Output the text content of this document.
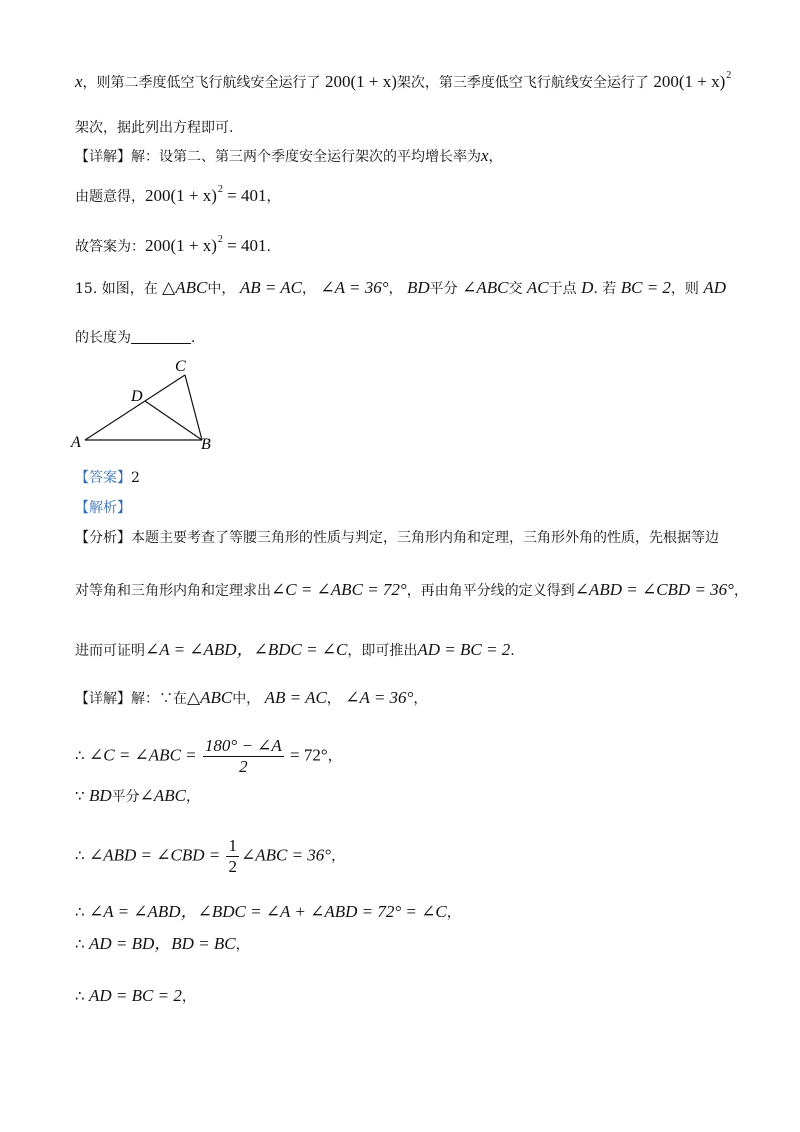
x，则第二季度低空飞行航线安全运行了 200(1 + x)架次，第三季度低空飞行航线安全运行了 $200(1 + x)^2$
架次，据此列出方程即可.
【详解】解：设第二、第三两个季度安全运行架次的平均增长率为x，
由题意得，$200(1 + x)^2 = 401$，
故答案为：$200(1 + x)^2 = 401$.
15. 如图，在 △ABC中， AB = AC， ∠A = 36°， BD平分 ∠ABC交 AC于点 D. 若 BC = 2，则 AD
的长度为	.
A	B
C
D
【答案】2
【解析】
【分析】本题主要考查了等腰三角形的性质与判定，三角形内角和定理，三角形外角的性质，先根据等边
对等角和三角形内角和定理求出∠C = ∠ABC = 72°，再由角平分线的定义得到∠ABD = ∠CBD = 36°，
进而可证明∠A = ∠ABD，∠BDC = ∠C，即可推出AD = BC = 2.
【详解】解：∵在△ABC中， AB = AC， ∠A = 36°，
∴ ∠C = ∠ABC = $\frac{180^\circ - \angle A}{2} = 72^\circ$，
∵ BD平分∠ABC，
∴ ∠ABD = ∠CBD = $\frac{1}{2}$ ∠ABC = 36°，
∴ ∠A = ∠ABD，∠BDC = ∠A + ∠ABD = 72° = ∠C，
∴ AD = BD，BD = BC，
∴ AD = BC = 2，
